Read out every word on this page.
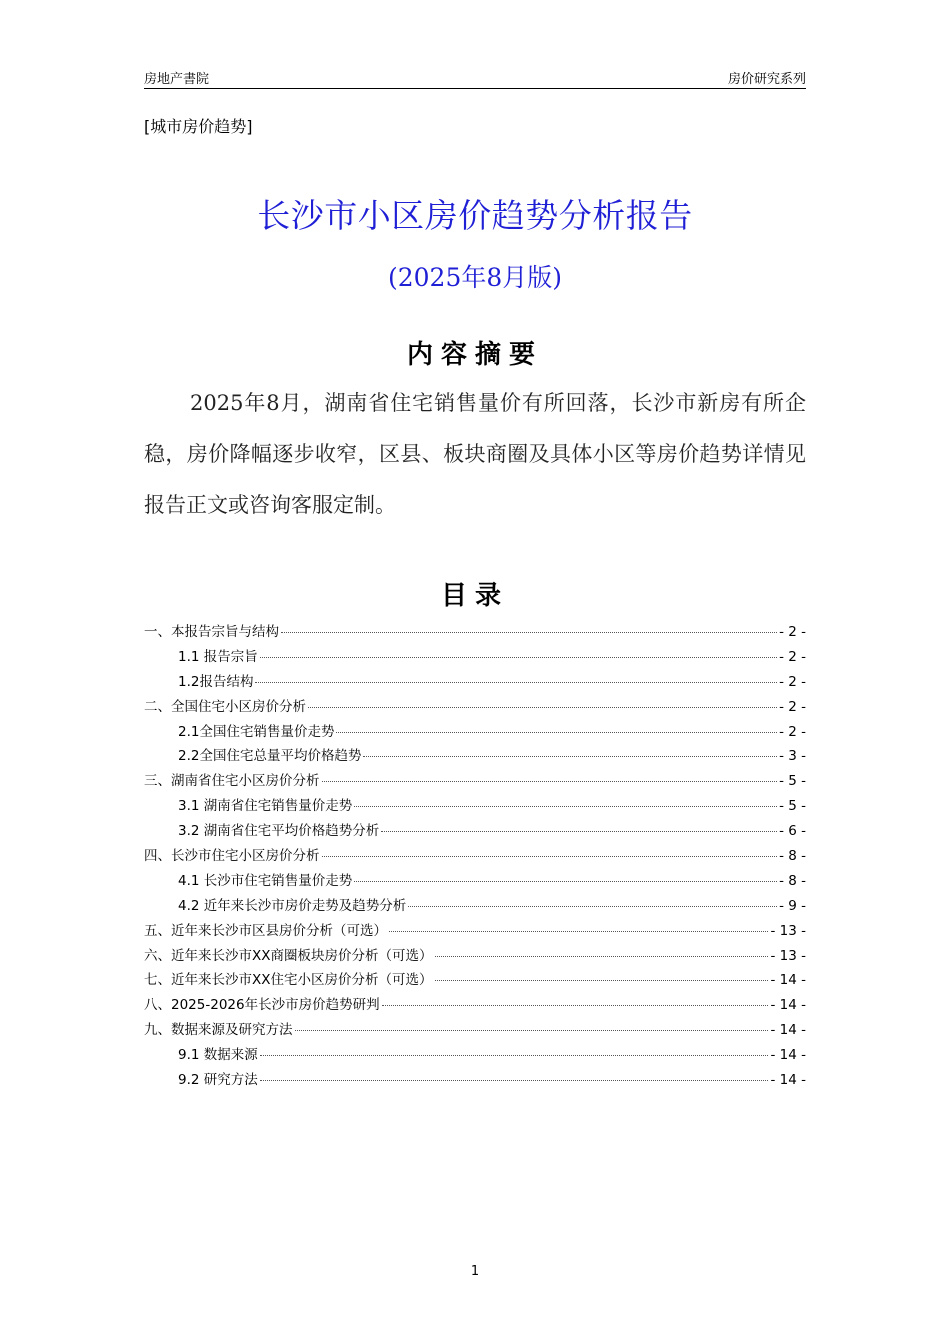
房地产書院	房价研究系列
[城市房价趋势]
长沙市小区房价趋势分析报告
(2025年8月版)
内容摘要
2025年8月，湖南省住宅销售量价有所回落，长沙市新房有所企稳，房价降幅逐步收窄，区县、板块商圈及具体小区等房价趋势详情见报告正文或咨询客服定制。
目录
一、本报告宗旨与结构	- 2 -
1.1 报告宗旨	- 2 -
1.2报告结构	- 2 -
二、全国住宅小区房价分析	- 2 -
2.1全国住宅销售量价走势	- 2 -
2.2全国住宅总量平均价格趋势	- 3 -
三、湖南省住宅小区房价分析	- 5 -
3.1 湖南省住宅销售量价走势	- 5 -
3.2 湖南省住宅平均价格趋势分析	- 6 -
四、长沙市住宅小区房价分析	- 8 -
4.1 长沙市住宅销售量价走势	- 8 -
4.2 近年来长沙市房价走势及趋势分析	- 9 -
五、近年来长沙市区县房价分析（可选）	- 13 -
六、近年来长沙市XX商圈板块房价分析（可选）	- 13 -
七、近年来长沙市XX住宅小区房价分析（可选）	- 14 -
八、2025-2026年长沙市房价趋势研判	- 14 -
九、数据来源及研究方法	- 14 -
9.1 数据来源	- 14 -
9.2 研究方法	- 14 -
1
